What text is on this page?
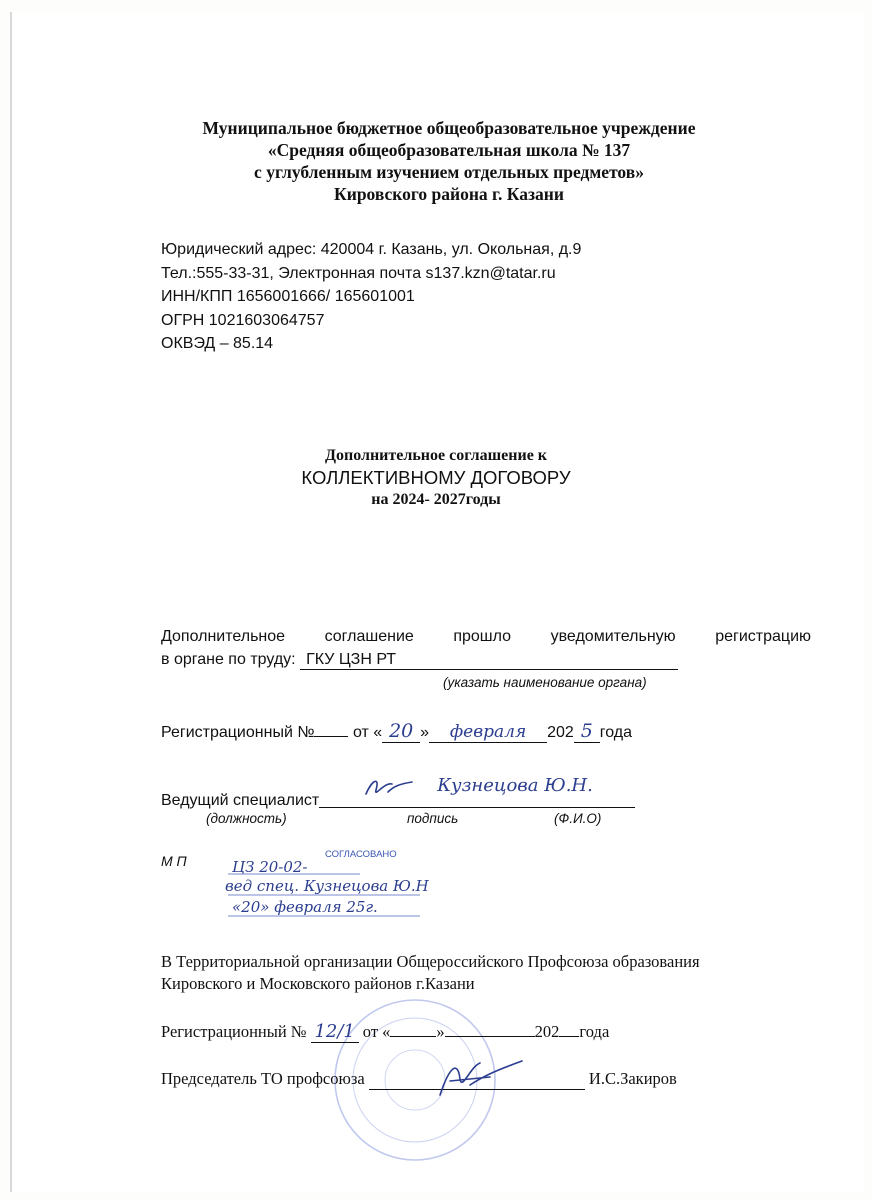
Муниципальное бюджетное общеобразовательное учреждение
«Средняя общеобразовательная школа № 137
с углубленным изучением отдельных предметов»
Кировского района г. Казани
Юридический адрес: 420004 г. Казань, ул. Окольная, д.9
Тел.:555-33-31, Электронная почта s137.kzn@tatar.ru
ИНН/КПП 1656001666/ 165601001
ОГРН 1021603064757
ОКВЭД – 85.14
Дополнительное соглашение к
КОЛЛЕКТИВНОМУ ДОГОВОРУ
на 2024- 2027годы
Дополнительное соглашение прошло уведомительную регистрацию
в органе по труду: ГКУ ЦЗН РТ
(указать наименование органа)
Регистрационный № от « 20 » февраля 202 5 года
Ведущий специалист
Кузнецова Ю.Н.
(должность)	подпись	(Ф.И.О)
М П	СОГЛАСОВАНО
ЦЗ 20-02-
вед спец. Кузнецова Ю.Н
«20» февраля 25г.
В Территориальной организации Общероссийского Профсоюза образования
Кировского и Московского районов г.Казани
Регистрационный № 12/1 от «	»	202 года
Председатель ТО профсоюза	И.С.Закиров
